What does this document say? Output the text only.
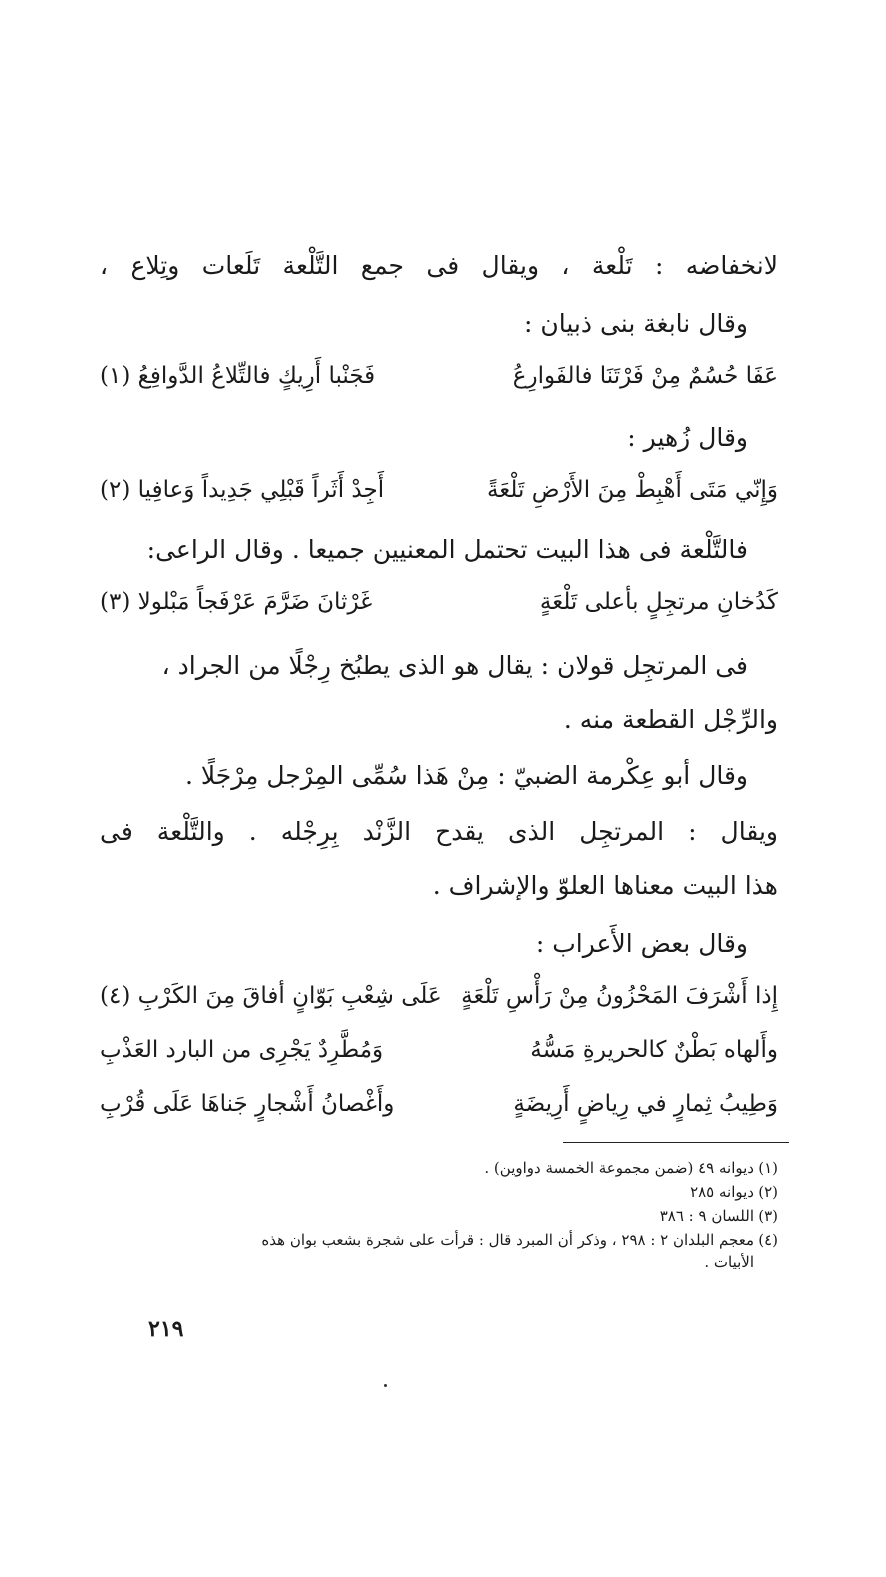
لانخفاضه : تَلْعة ، ويقال فى جمع التَّلْعة تَلَعات وتِلاع ،
وقال نابغة بنى ذبيان :
عَفَا حُسُمٌ مِنْ فَرْتَنَا فالفَوارِعُ
فَجَنْبا أَرِيكٍ فالتِّلاعُ الدَّوافِعُ (١)
وقال زُهير :
وَإِنّي مَتَى أَهْبِطْ مِنَ الأَرْضِ تَلْعَةً
أَجِدْ أَثَراً قَبْلِي جَدِيداً وَعافِيا (٢)
فالتَّلْعة فى هذا البيت تحتمل المعنيين جميعا . وقال الراعى:
كَدُخانِ مرتجِلٍ بأعلى تَلْعَةٍ
غَرْثانَ ضَرَّمَ عَرْفَجاً مَبْلولا (٣)
فى المرتجِل قولان : يقال هو الذى يطبُخ رِجْلًا من الجراد ،
والرِّجْل القطعة منه .
وقال أبو عِكْرمة الضبيّ : مِنْ هَذا سُمِّى المِرْجل مِرْجَلًا .
ويقال : المرتجِل الذى يقدح الزَّنْد بِرِجْله . والتَّلْعة فى
هذا البيت معناها العلوّ والإشراف .
وقال بعض الأَعراب :
إِذا أَشْرَفَ المَحْزُونُ مِنْ رَأْسِ تَلْعَةٍ
عَلَى شِعْبِ بَوّانٍ أفاقَ مِنَ الكَرْبِ (٤)
وأَلهاه بَطْنٌ كالحريرةِ مَسُّهُ
وَمُطَّرِدٌ يَجْرِى من البارد العَذْبِ
وَطِيبُ ثِمارٍ في رِياضٍ أَرِيضَةٍ
وأَغْصانُ أَشْجارٍ جَناهَا عَلَى قُرْبِ
(١)
ديوانه ٤٩ (ضمن مجموعة الخمسة دواوين) .
(٢)
ديوانه ٢٨٥
(٣)
اللسان ٩ : ٣٨٦
(٤)
معجم البلدان ٢ : ٢٩٨ ، وذكر أن المبرد قال : قرأت على شجرة بشعب بوان هذه
الأبيات .
٢١٩
